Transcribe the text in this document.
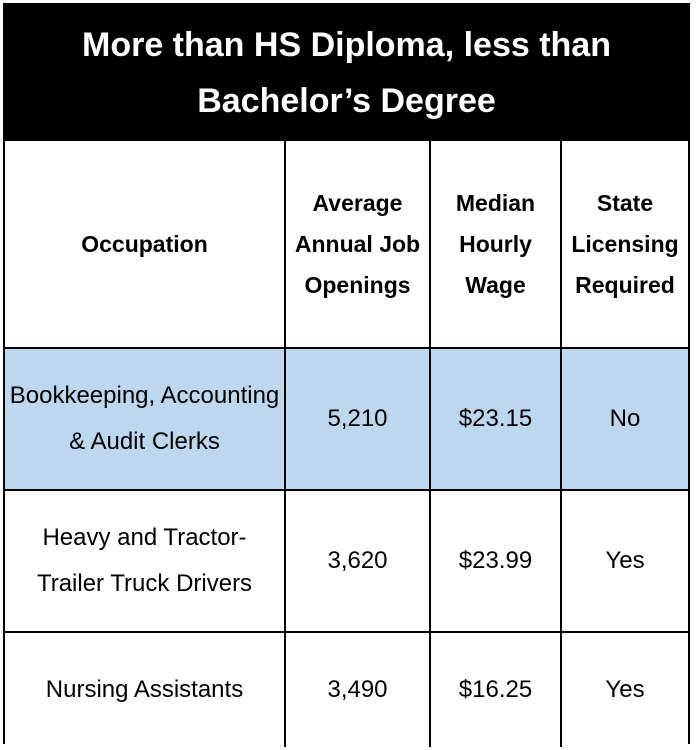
More than HS Diploma, less than Bachelor’s Degree
Occupation	Average Annual Job Openings	Median Hourly Wage	State Licensing Required
Bookkeeping, Accounting & Audit Clerks	5,210	$23.15	No
Heavy and Tractor-Trailer Truck Drivers	3,620	$23.99	Yes
Nursing Assistants	3,490	$16.25	Yes
